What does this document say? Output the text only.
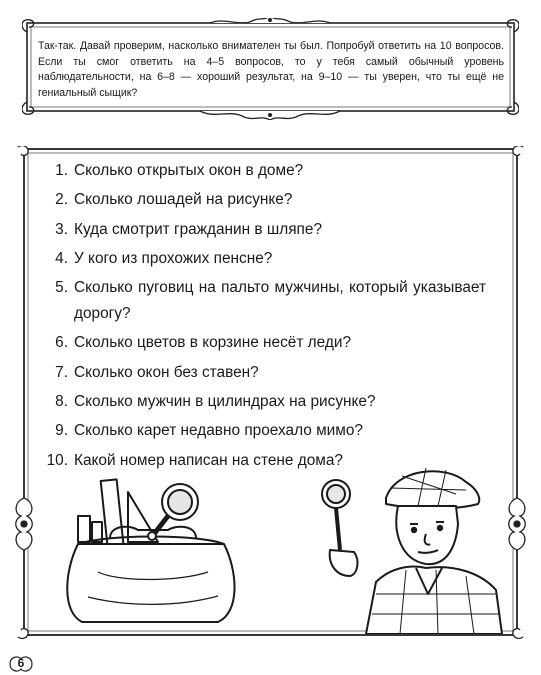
Так-так. Давай проверим, насколько внимателен ты был. Попробуй ответить на 10 вопросов. Если ты смог ответить на 4–5 вопросов, то у тебя самый обычный уровень наблюдательности, на 6–8 — хороший результат, на 9–10 — ты уверен, что ты ещё не гениальный сыщик?
1. Сколько открытых окон в доме?
2. Сколько лошадей на рисунке?
3. Куда смотрит гражданин в шляпе?
4. У кого из прохожих пенсне?
5. Сколько пуговиц на пальто мужчины, который указывает дорогу?
6. Сколько цветов в корзине несёт леди?
7. Сколько окон без ставен?
8. Сколько мужчин в цилиндрах на рисунке?
9. Сколько карет недавно проехало мимо?
10. Какой номер написан на стене дома?
6
